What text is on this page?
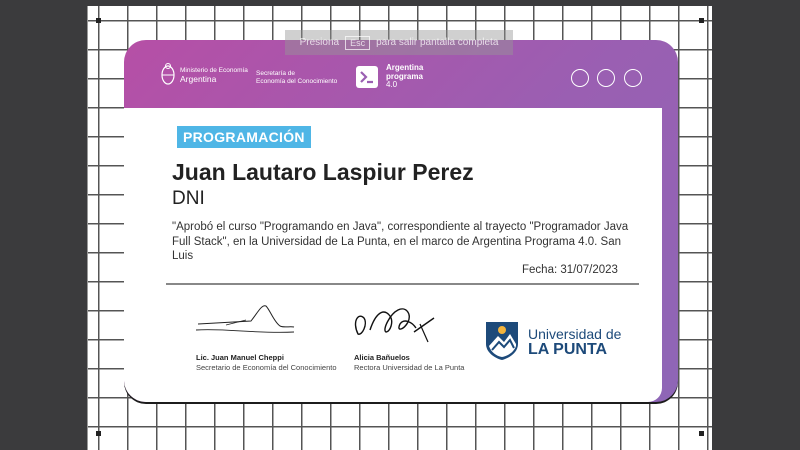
Ministerio de Economía
Argentina
Secretaría de
Economía del Conocimiento
Argentina
programa
4.0
PROGRAMACIÓN
Juan Lautaro Laspiur Perez
DNI
"Aprobó el curso "Programando en Java", correspondiente al trayecto "Programador Java Full Stack", en la Universidad de La Punta, en el marco de Argentina Programa 4.0. San Luis
Fecha: 31/07/2023
Lic. Juan Manuel Cheppi
Secretario de Economía del Conocimiento
Alicia Bañuelos
Rectora Universidad de La Punta
Universidad de
LA PUNTA
Presiona	Esc	para salir pantalla completa
